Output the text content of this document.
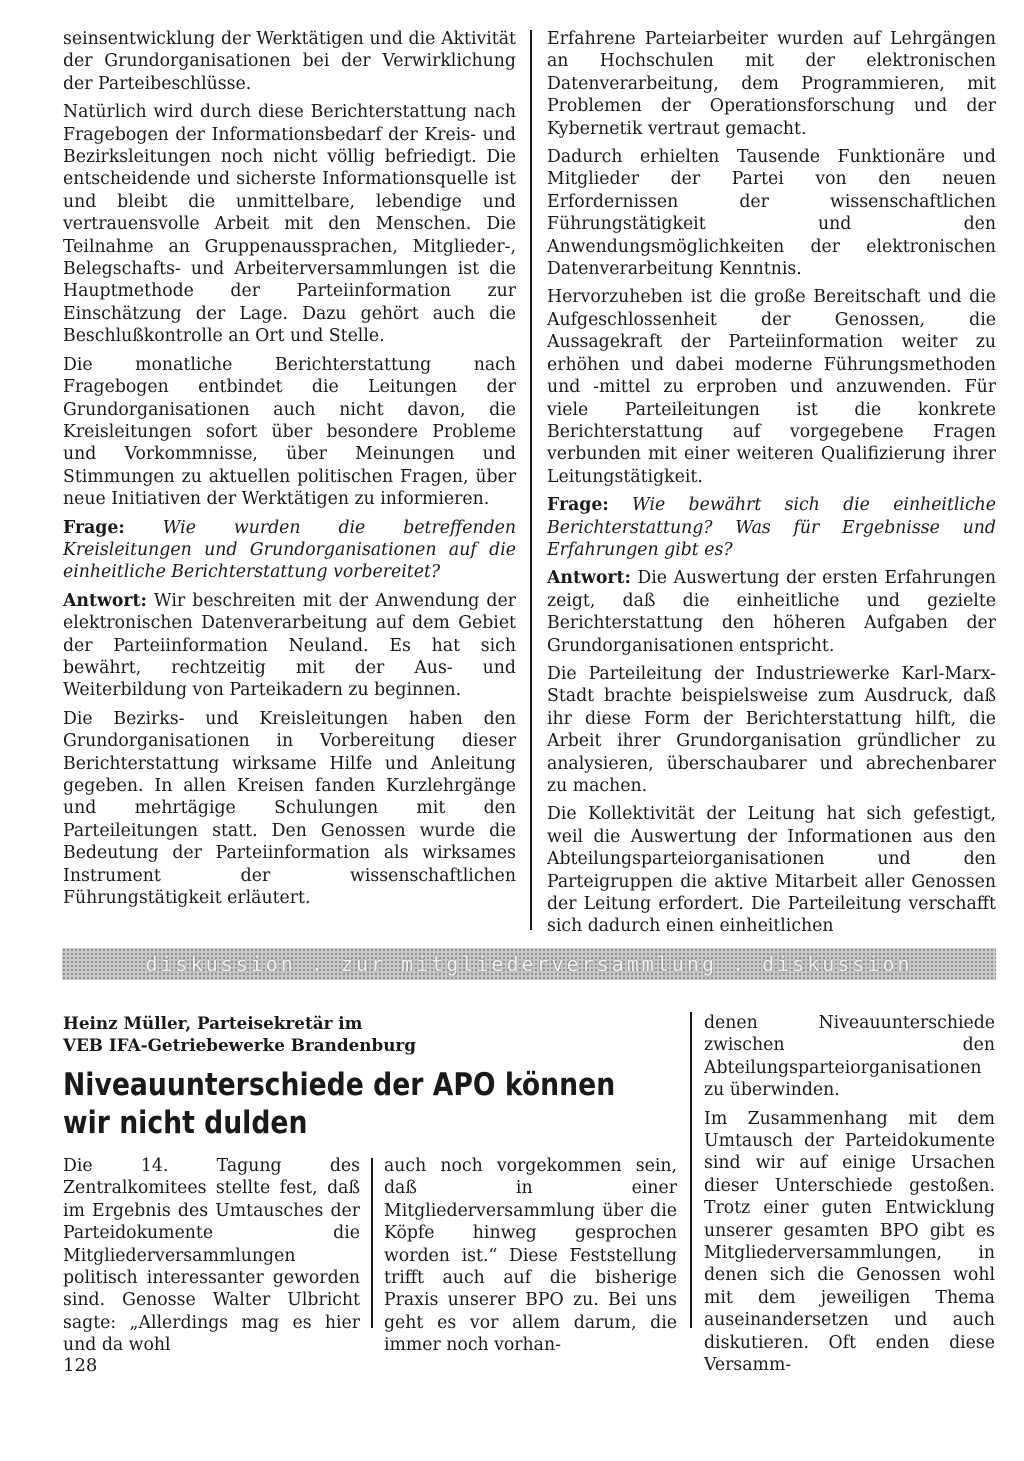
seinsentwicklung der Werktätigen und die Aktivität der Grundorganisationen bei der Verwirklichung der Parteibeschlüsse.

Natürlich wird durch diese Berichterstattung nach Fragebogen der Informationsbedarf der Kreis- und Bezirksleitungen noch nicht völlig befriedigt. Die entscheidende und sicherste Informationsquelle ist und bleibt die unmittelbare, lebendige und vertrauensvolle Arbeit mit den Menschen. Die Teilnahme an Gruppenaussprachen, Mitglieder-, Belegschafts- und Arbeiterversammlungen ist die Hauptmethode der Parteiinformation zur Einschätzung der Lage. Dazu gehört auch die Beschlußkontrolle an Ort und Stelle.

Die monatliche Berichterstattung nach Fragebogen entbindet die Leitungen der Grundorganisationen auch nicht davon, die Kreisleitungen sofort über besondere Probleme und Vorkommnisse, über Meinungen und Stimmungen zu aktuellen politischen Fragen, über neue Initiativen der Werktätigen zu informieren.

Frage: Wie wurden die betreffenden Kreisleitungen und Grundorganisationen auf die einheitliche Berichterstattung vorbereitet?

Antwort: Wir beschreiten mit der Anwendung der elektronischen Datenverarbeitung auf dem Gebiet der Parteiinformation Neuland. Es hat sich bewährt, rechtzeitig mit der Aus- und Weiterbildung von Parteikadern zu beginnen.

Die Bezirks- und Kreisleitungen haben den Grundorganisationen in Vorbereitung dieser Berichterstattung wirksame Hilfe und Anleitung gegeben. In allen Kreisen fanden Kurzlehrgänge und mehrtägige Schulungen mit den Parteileitungen statt. Den Genossen wurde die Bedeutung der Parteiinformation als wirksames Instrument der wissenschaftlichen Führungstätigkeit erläutert.

Erfahrene Parteiarbeiter wurden auf Lehrgängen an Hochschulen mit der elektronischen Datenverarbeitung, dem Programmieren, mit Problemen der Operationsforschung und der Kybernetik vertraut gemacht.

Dadurch erhielten Tausende Funktionäre und Mitglieder der Partei von den neuen Erfordernissen der wissenschaftlichen Führungstätigkeit und den Anwendungsmöglichkeiten der elektronischen Datenverarbeitung Kenntnis.

Hervorzuheben ist die große Bereitschaft und die Aufgeschlossenheit der Genossen, die Aussagekraft der Parteiinformation weiter zu erhöhen und dabei moderne Führungsmethoden und -mittel zu erproben und anzuwenden. Für viele Parteileitungen ist die konkrete Berichterstattung auf vorgegebene Fragen verbunden mit einer weiteren Qualifizierung ihrer Leitungstätigkeit.

Frage: Wie bewährt sich die einheitliche Berichterstattung? Was für Ergebnisse und Erfahrungen gibt es?

Antwort: Die Auswertung der ersten Erfahrungen zeigt, daß die einheitliche und gezielte Berichterstattung den höheren Aufgaben der Grundorganisationen entspricht.

Die Parteileitung der Industriewerke Karl-Marx-Stadt brachte beispielsweise zum Ausdruck, daß ihr diese Form der Berichterstattung hilft, die Arbeit ihrer Grundorganisation gründlicher zu analysieren, überschaubarer und abrechenbarer zu machen.

Die Kollektivität der Leitung hat sich gefestigt, weil die Auswertung der Informationen aus den Abteilungsparteiorganisationen und den Parteigruppen die aktive Mitarbeit aller Genossen der Leitung erfordert. Die Parteileitung verschafft sich dadurch einen einheitlichen

diskussion . zur mitgliederversammlung . diskussion
Heinz Müller, Parteisekretär im
VEB IFA-Getriebewerke Brandenburg
Niveauunterschiede der APO können
wir nicht dulden

Die 14. Tagung des Zentralkomitees stellte fest, daß im Ergebnis des Umtausches der Parteidokumente die Mitgliederversammlungen politisch interessanter geworden sind. Genosse Walter Ulbricht sagte: „Allerdings mag es hier und da wohl

auch noch vorgekommen sein, daß in einer Mitgliederversammlung über die Köpfe hinweg gesprochen worden ist.“ Diese Feststellung trifft auch auf die bisherige Praxis unserer BPO zu. Bei uns geht es vor allem darum, die immer noch vorhan-

denen Niveauunterschiede zwischen den Abteilungsparteiorganisationen zu überwinden.

Im Zusammenhang mit dem Umtausch der Parteidokumente sind wir auf einige Ursachen dieser Unterschiede gestoßen. Trotz einer guten Entwicklung unserer gesamten BPO gibt es Mitgliederversammlungen, in denen sich die Genossen wohl mit dem jeweiligen Thema auseinandersetzen und auch diskutieren. Oft enden diese Versamm-

128
